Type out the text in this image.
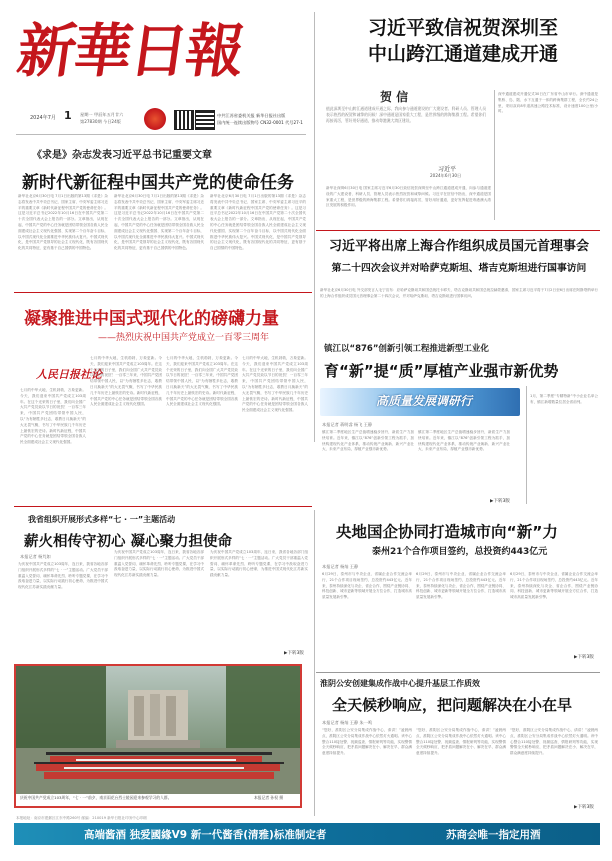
新華日報
2024年7月 1 星期一 甲辰年五月廿六
第27830期 今日24版
中共江苏省委机关报 新华日报社出版
国内统一连续出版物号 CN32-0001 代号27-1
习近平致信祝贺深圳至
中山跨江通道建成开通
贺 信

值此深圳至中山跨江通道建成开通之际，我向参与通道建设的广大建设者、科研人员、管理人员表示热烈的祝贺和诚挚的问候！深中通道是国家重大工程，是世界级的跨海集群工程。希望你们再接再厉，管好用好通道，推动粤港澳大湾区建设。

习近平
2024年6月30日

新华社深圳6月30日电 国家主席习近平6月30日致信祝贺深圳至中山跨江通道建成开通，向参与通道建设的广大建设者、科研人员、管理人员表示热烈祝贺和诚挚问候。习近平在贺信中指出，深中通道是国家重大工程，是世界级的跨海集群工程。希望你们再接再厉，管好用好通道，更好发挥促进粤港澳大湾区发展的积极作用。

深中通道建成开通仪式30日在广东省中山市举行。深中通道是集桥、岛、隧、水下互通于一体的跨海集群工程，全长约24公里，采用双向8车道高速公路技术标准，设计速度100公里/小时。

《求是》杂志发表习近平总书记重要文章
新时代新征程中国共产党的使命任务

新华社北京6月30日电 7月1日出版的第13期《求是》杂志将发表中共中央总书记、国家主席、中央军委主席习近平的重要文章《新时代新征程中国共产党的使命任务》。这是习近平总书记2022年10月16日在中国共产党第二十次全国代表大会上报告的一部分。文章指出，从现在起，中国共产党的中心任务就是团结带领全国各族人民全面建成社会主义现代化强国、实现第二个百年奋斗目标，以中国式现代化全面推进中华民族伟大复兴。中国式现代化，是中国共产党领导的社会主义现代化，既有各国现代化的共同特征，更有基于自己国情的中国特色。

新华社北京6月30日电 7月1日出版的第13期《求是》杂志将发表中共中央总书记、国家主席、中央军委主席习近平的重要文章《新时代新征程中国共产党的使命任务》。这是习近平总书记2022年10月16日在中国共产党第二十次全国代表大会上报告的一部分。文章指出，从现在起，中国共产党的中心任务就是团结带领全国各族人民全面建成社会主义现代化强国、实现第二个百年奋斗目标，以中国式现代化全面推进中华民族伟大复兴。中国式现代化，是中国共产党领导的社会主义现代化，既有各国现代化的共同特征，更有基于自己国情的中国特色。

新华社北京6月30日电 7月1日出版的第13期《求是》杂志将发表中共中央总书记、国家主席、中央军委主席习近平的重要文章《新时代新征程中国共产党的使命任务》。这是习近平总书记2022年10月16日在中国共产党第二十次全国代表大会上报告的一部分。文章指出，从现在起，中国共产党的中心任务就是团结带领全国各族人民全面建成社会主义现代化强国、实现第二个百年奋斗目标，以中国式现代化全面推进中华民族伟大复兴。中国式现代化，是中国共产党领导的社会主义现代化，既有各国现代化的共同特征，更有基于自己国情的中国特色。	习近平将出席上海合作组织成员国元首理事会
第二十四次会议并对哈萨克斯坦、塔吉克斯坦进行国事访问

新华社北京6月30日电 外交部发言人毛宁宣布：应哈萨克斯坦共和国总统托卡耶夫、塔吉克斯坦共和国总统拉赫蒙邀请，国家主席习近平将于7月2日至6日出席在阿斯塔纳举行的上海合作组织成员国元首理事会第二十四次会议，并对哈萨克斯坦、塔吉克斯坦进行国事访问。

凝聚推进中国式现代化的磅礴力量
——热烈庆祝中国共产党成立一百零三周年
人民日报社论

七月的中华大地，生机勃勃，万象更新。今天，我们迎来中国共产党成立103周年。在这个光荣的日子里，我们向全国广大共产党员致以节日的祝贺！一百零三年来，中国共产党团结带领中国人民，以“为有牺牲多壮志，敢教日月换新天”的大无畏气概，书写了中华民族几千年历史上最恢宏的史诗。新时代新征程，中国共产党的中心任务就是团结带领全国各族人民全面建成社会主义现代化强国。

七月的中华大地，生机勃勃，万象更新。今天，我们迎来中国共产党成立103周年。在这个光荣的日子里，我们向全国广大共产党员致以节日的祝贺！一百零三年来，中国共产党团结带领中国人民，以“为有牺牲多壮志，敢教日月换新天”的大无畏气概，书写了中华民族几千年历史上最恢宏的史诗。新时代新征程，中国共产党的中心任务就是团结带领全国各族人民全面建成社会主义现代化强国。

七月的中华大地，生机勃勃，万象更新。今天，我们迎来中国共产党成立103周年。在这个光荣的日子里，我们向全国广大共产党员致以节日的祝贺！一百零三年来，中国共产党团结带领中国人民，以“为有牺牲多壮志，敢教日月换新天”的大无畏气概，书写了中华民族几千年历史上最恢宏的史诗。新时代新征程，中国共产党的中心任务就是团结带领全国各族人民全面建成社会主义现代化强国。

七月的中华大地，生机勃勃，万象更新。今天，我们迎来中国共产党成立103周年。在这个光荣的日子里，我们向全国广大共产党员致以节日的祝贺！一百零三年来，中国共产党团结带领中国人民，以“为有牺牲多壮志，敢教日月换新天”的大无畏气概，书写了中华民族几千年历史上最恢宏的史诗。新时代新征程，中国共产党的中心任务就是团结带领全国各族人民全面建成社会主义现代化强国。

镇江以“876”创新引领工程推进新型工业化
育“新”提“质”厚植产业强市新优势
高质量发展调研行
本报记者 蒋明睿 杨飞 王静

镇江第二季度地区生产总值增速稳步回升，新质生产力加快培育。近年来，镇江以“876”创新引领工程为抓手，加快构建现代化产业体系，推动传统产业焕新、新兴产业壮大、未来产业布局，厚植产业强市新优势。

镇江第二季度地区生产总值增速稳步回升，新质生产力加快培育。近年来，镇江以“876”创新引领工程为抓手，加快构建现代化产业体系，推动传统产业焕新、新兴产业壮大、未来产业布局，厚植产业强市新优势。

1月，第二季度“专精特新”中小企业名单公布，镇江新增数量位居全省前列。

▶下转3版
我省组织开展形式多样“七 · 一”主题活动
薪火相传守初心 凝心聚力担使命
本报记者 杨芃如

为庆祝中国共产党成立103周年，连日来，我省各地各部门组织开展形式多样的“七 · 一”主题活动。广大党员干部重温入党誓词、缅怀革命先烈、聆听专题党课，在学习中汲取奋进力量，以实际行动践行初心使命，为推进中国式现代化江苏新实践贡献力量。

为庆祝中国共产党成立103周年，连日来，我省各地各部门组织开展形式多样的“七 · 一”主题活动。广大党员干部重温入党誓词、缅怀革命先烈、聆听专题党课，在学习中汲取奋进力量，以实际行动践行初心使命，为推进中国式现代化江苏新实践贡献力量。

为庆祝中国共产党成立103周年，连日来，我省各地各部门组织开展形式多样的“七 · 一”主题活动。广大党员干部重温入党誓词、缅怀革命先烈、聆听专题党课，在学习中汲取奋进力量，以实际行动践行初心使命，为推进中国式现代化江苏新实践贡献力量。

▶下转3版
庆祝中国共产党成立103周年，“七 · 一”前夕，南京雨花台烈士陵园迎来参观学习的人群。	本报记者 孙权 摄
央地国企协同打造城市向“新”力
泰州21个合作项目签约，总投资约443亿元
本报记者 杨灿 王静

6月29日，泰州市与中央企业、省属企业合作交流会举行，21个合作项目现场签约，总投资约443亿元。近年来，泰州持续深化与央企、省企合作，围绕产业链协同、科技创新、城市更新等领域开展全方位合作，打造城市高质量发展新引擎。

6月29日，泰州市与中央企业、省属企业合作交流会举行，21个合作项目现场签约，总投资约443亿元。近年来，泰州持续深化与央企、省企合作，围绕产业链协同、科技创新、城市更新等领域开展全方位合作，打造城市高质量发展新引擎。

6月29日，泰州市与中央企业、省属企业合作交流会举行，21个合作项目现场签约，总投资约443亿元。近年来，泰州持续深化与央企、省企合作，围绕产业链协同、科技创新、城市更新等领域开展全方位合作，打造城市高质量发展新引擎。

▶下转3版
淮阴公安创建集成作战中心提升基层工作质效
全天候秒响应，把问题解决在小在早
本报记者 杨灿 王静 朱一鸣

“您好，淮阴区公安分局集成作战中心，请讲！”凌晨两点，淮阴区公安分局集成作战中心依然灯火通明。该中心整合110接处警、视频巡查、情报研判等功能，实现警情全天候秒响应，把矛盾问题解决在小、解决在早，群众满意度持续提升。

“您好，淮阴区公安分局集成作战中心，请讲！”凌晨两点，淮阴区公安分局集成作战中心依然灯火通明。该中心整合110接处警、视频巡查、情报研判等功能，实现警情全天候秒响应，把矛盾问题解决在小、解决在早，群众满意度持续提升。

“您好，淮阴区公安分局集成作战中心，请讲！”凌晨两点，淮阴区公安分局集成作战中心依然灯火通明。该中心整合110接处警、视频巡查、情报研判等功能，实现警情全天候秒响应，把矛盾问题解决在小、解决在早，群众满意度持续提升。

▶下转3版
本报地址：南京市建邺区江东中路260号 邮编：210019 新华日报社印务中心印刷
高端酱酒 独爱國緣V9 新一代酱香(清雅)标准制定者	苏商会唯一指定用酒
